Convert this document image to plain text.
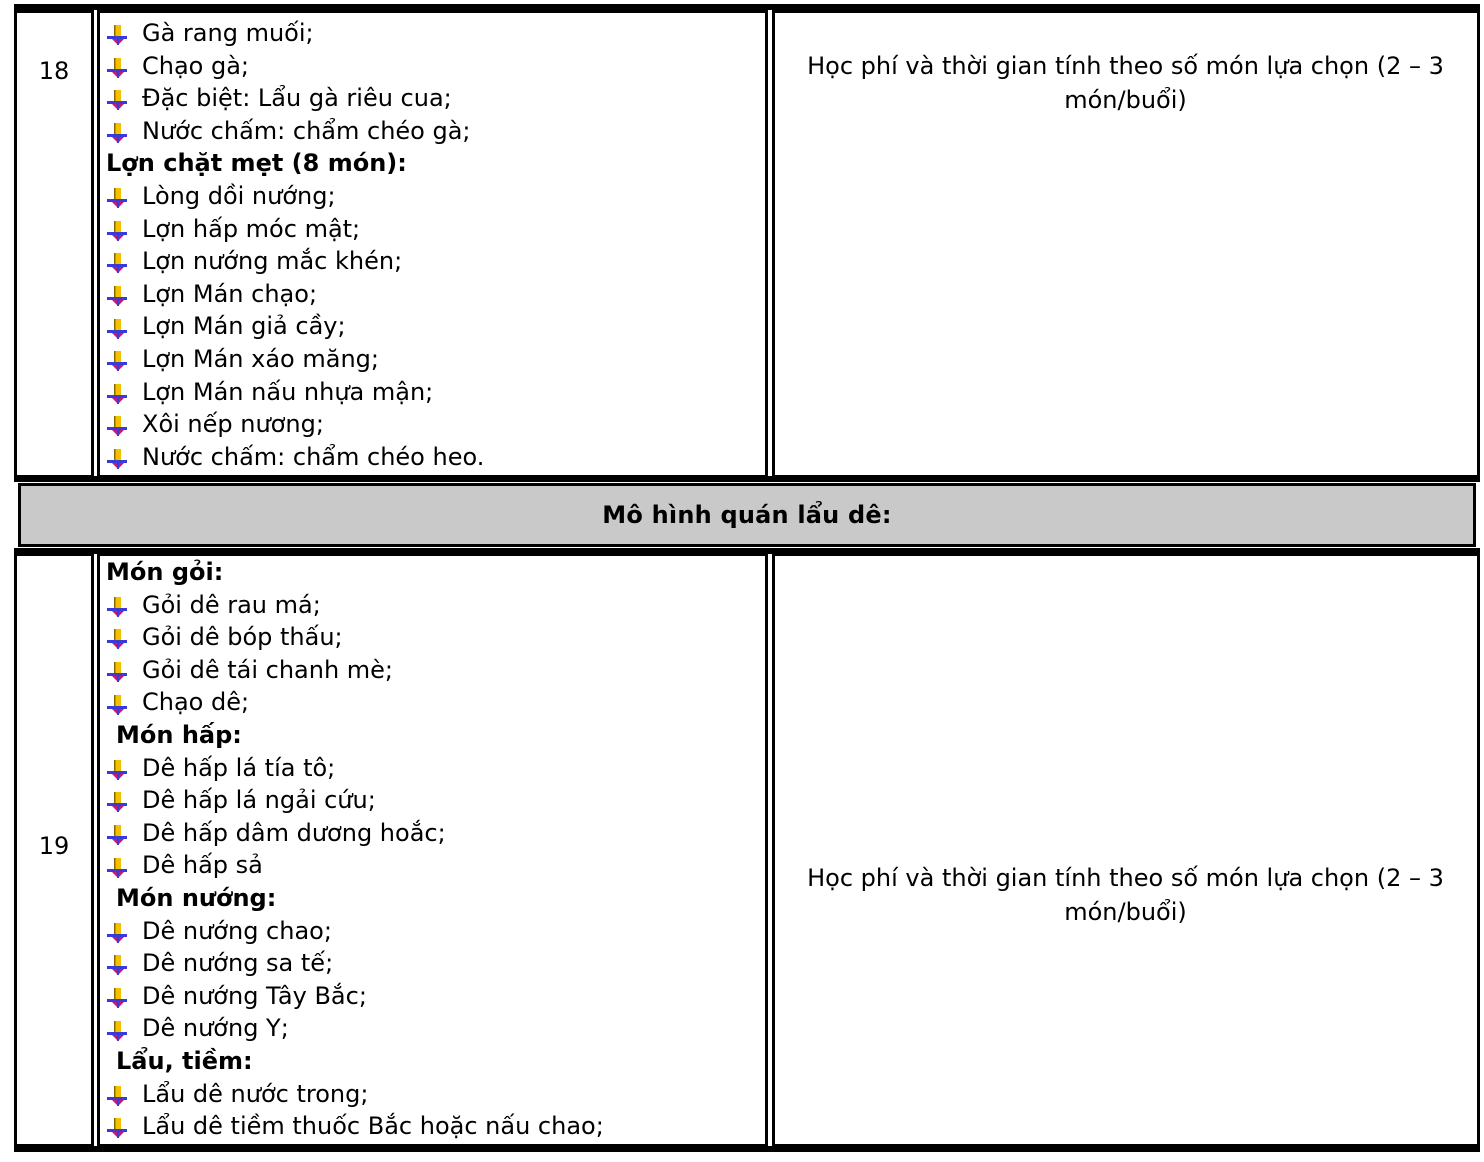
18
Gà rang muối;
Chạo gà;
Đặc biệt: Lẩu gà riêu cua;
Nước chấm: chẩm chéo gà;
Lợn chặt mẹt (8 món):
Lòng dồi nướng;
Lợn hấp móc mật;
Lợn nướng mắc khén;
Lợn Mán chạo;
Lợn Mán giả cầy;
Lợn Mán xáo măng;
Lợn Mán nấu nhựa mận;
Xôi nếp nương;
Nước chấm: chẩm chéo heo.
Học phí và thời gian tính theo số món lựa chọn (2 – 3 món/buổi)
Mô hình quán lẩu dê:
19
Món gỏi:
Gỏi dê rau má;
Gỏi dê bóp thấu;
Gỏi dê tái chanh mè;
Chạo dê;
Món hấp:
Dê hấp lá tía tô;
Dê hấp lá ngải cứu;
Dê hấp dâm dương hoắc;
Dê hấp sả
Món nướng:
Dê nướng chao;
Dê nướng sa tế;
Dê nướng Tây Bắc;
Dê nướng Y;
Lẩu, tiềm:
Lẩu dê nước trong;
Lẩu dê tiềm thuốc Bắc hoặc nấu chao;
Học phí và thời gian tính theo số món lựa chọn (2 – 3 món/buổi)
